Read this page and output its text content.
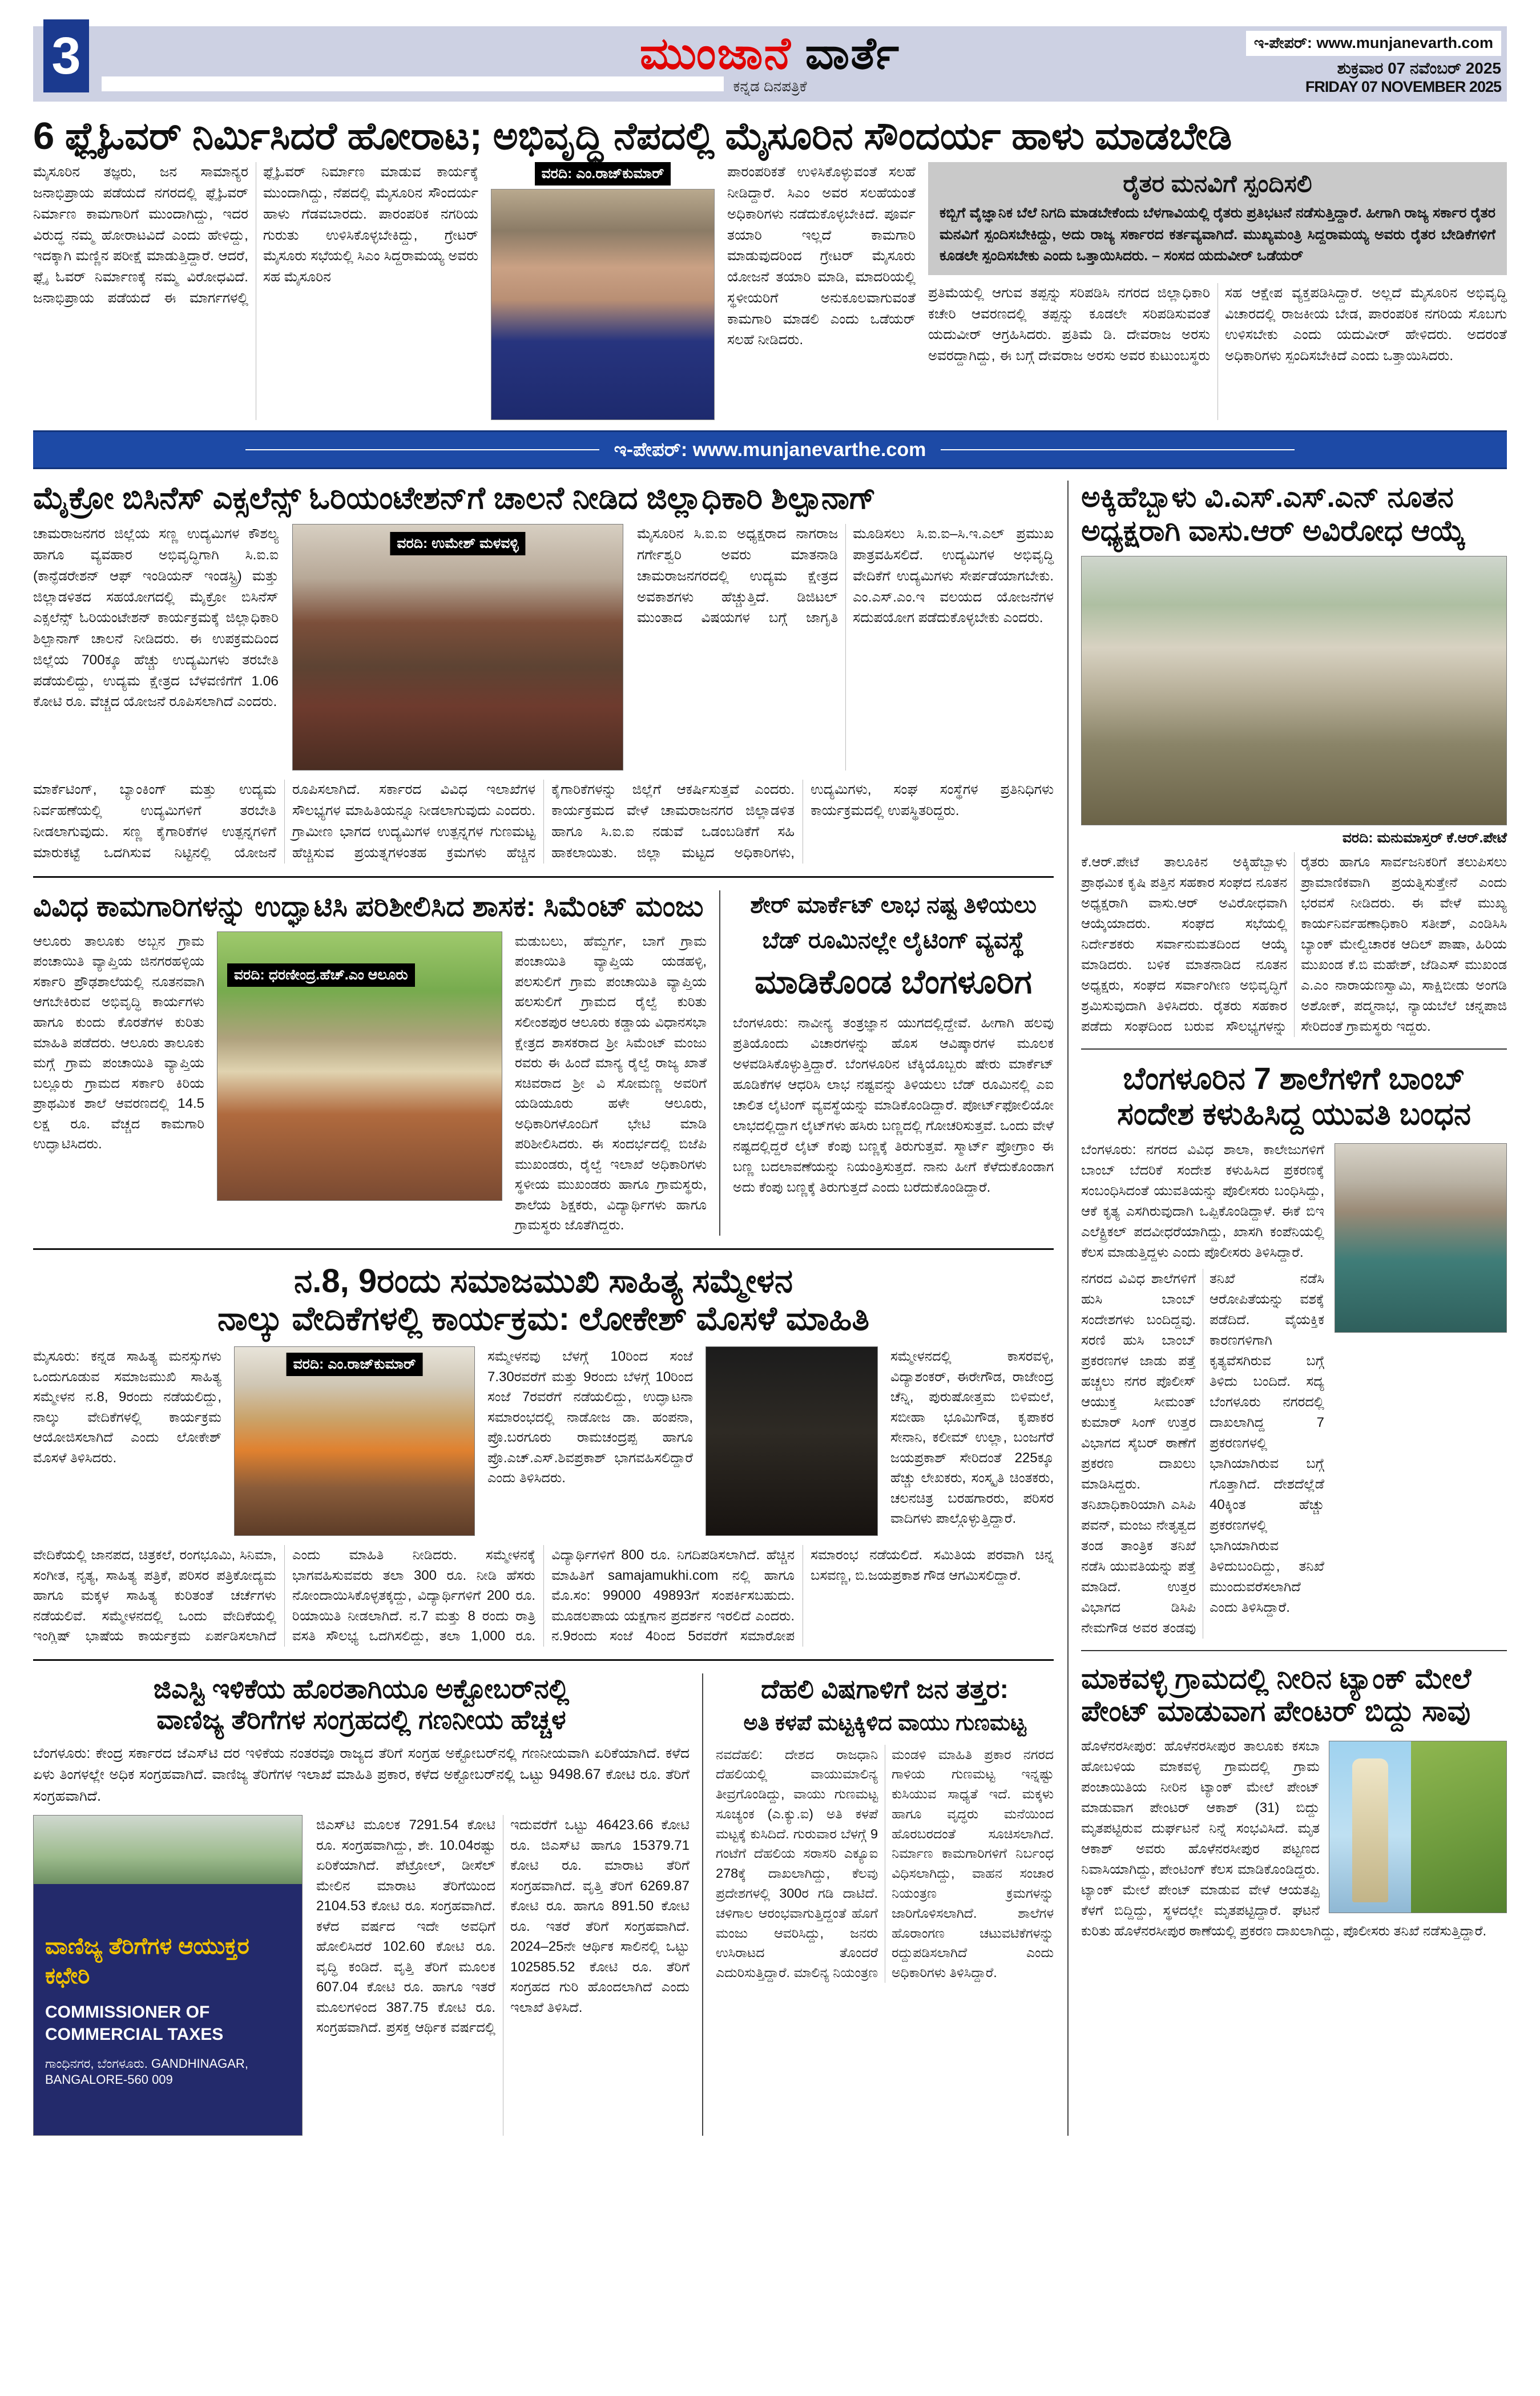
3	ಮುಂಜಾನೆ ವಾರ್ತೆ
ಕನ್ನಡ ದಿನಪತ್ರಿಕೆ
ಇ-ಪೇಪರ್: www.munjanevarth.com
ಶುಕ್ರವಾರ 07 ನವೆಂಬರ್ 2025
FRIDAY 07 NOVEMBER 2025
6 ಫ್ಲೈಓವರ್ ನಿರ್ಮಿಸಿದರೆ ಹೋರಾಟ; ಅಭಿವೃದ್ಧಿ ನೆಪದಲ್ಲಿ ಮೈಸೂರಿನ ಸೌಂದರ್ಯ ಹಾಳು ಮಾಡಬೇಡಿ
ಮೈಸೂರಿನ ತಜ್ಞರು, ಜನ ಸಾಮಾನ್ಯರ ಜನಾಭಿಪ್ರಾಯ ಪಡೆಯದೆ ನಗರದಲ್ಲಿ ಫ್ಲೈಓವರ್ ನಿರ್ಮಾಣ ಕಾಮಗಾರಿಗೆ ಮುಂದಾಗಿದ್ದು, ಇದರ ವಿರುದ್ಧ ನಮ್ಮ ಹೋರಾಟವಿದೆ ಎಂದು ಹೇಳಿದ್ದು, ಇದಕ್ಕಾಗಿ ಮಣ್ಣಿನ ಪರೀಕ್ಷೆ ಮಾಡುತ್ತಿದ್ದಾರೆ. ಆದರೆ, ಫ್ಲೈ ಓವರ್ ನಿರ್ಮಾಣಕ್ಕೆ ನಮ್ಮ ವಿರೋಧವಿದೆ. ಜನಾಭಿಪ್ರಾಯ ಪಡೆಯದೆ ಈ ಮಾರ್ಗಗಳಲ್ಲಿ ಫ್ಲೈಓವರ್ ನಿರ್ಮಾಣ ಮಾಡುವ ಕಾರ್ಯಕ್ಕೆ ಮುಂದಾಗಿದ್ದು, ನೆಪದಲ್ಲಿ ಮೈಸೂರಿನ ಸೌಂದರ್ಯ ಹಾಳು ಗೆಡವಬಾರದು. ಪಾರಂಪರಿಕ ನಗರಿಯ ಗುರುತು ಉಳಿಸಿಕೊಳ್ಳಬೇಕಿದ್ದು, ಗ್ರೇಟರ್ ಮೈಸೂರು ಸಭೆಯಲ್ಲಿ ಸಿಎಂ ಸಿದ್ದರಾಮಯ್ಯ ಅವರು ಸಹ ಮೈಸೂರಿನ
ವರದಿ: ಎಂ.ರಾಜ್‌ಕುಮಾರ್	ಪಾರಂಪರಿಕತೆ ಉಳಿಸಿಕೊಳ್ಳುವಂತೆ ಸಲಹೆ ನೀಡಿದ್ದಾರೆ. ಸಿಎಂ ಅವರ ಸಲಹೆಯಂತೆ ಅಧಿಕಾರಿಗಳು ನಡೆದುಕೊಳ್ಳಬೇಕಿದೆ. ಪೂರ್ವ ತಯಾರಿ ಇಲ್ಲದೆ ಕಾಮಗಾರಿ ಮಾಡುವುದರಿಂದ ಗ್ರೇಟರ್ ಮೈಸೂರು ಯೋಜನೆ ತಯಾರಿ ಮಾಡಿ, ಮಾದರಿಯಲ್ಲಿ ಸ್ಥಳೀಯರಿಗೆ ಅನುಕೂಲವಾಗುವಂತೆ ಕಾಮಗಾರಿ ಮಾಡಲಿ ಎಂದು ಒಡೆಯರ್ ಸಲಹೆ ನೀಡಿದರು.
ರೈತರ ಮನವಿಗೆ ಸ್ಪಂದಿಸಲಿ
ಕಬ್ಬಿಗೆ ವೈಜ್ಞಾನಿಕ ಬೆಲೆ ನಿಗದಿ ಮಾಡಬೇಕೆಂದು ಬೆಳಗಾವಿಯಲ್ಲಿ ರೈತರು ಪ್ರತಿಭಟನೆ ನಡೆಸುತ್ತಿದ್ದಾರೆ. ಹೀಗಾಗಿ ರಾಜ್ಯ ಸರ್ಕಾರ ರೈತರ ಮನವಿಗೆ ಸ್ಪಂದಿಸಬೇಕಿದ್ದು, ಅದು ರಾಜ್ಯ ಸರ್ಕಾರದ ಕರ್ತವ್ಯವಾಗಿದೆ. ಮುಖ್ಯಮಂತ್ರಿ ಸಿದ್ದರಾಮಯ್ಯ ಅವರು ರೈತರ ಬೇಡಿಕೆಗಳಿಗೆ ಕೂಡಲೇ ಸ್ಪಂದಿಸಬೇಕು ಎಂದು ಒತ್ತಾಯಿಸಿದರು. – ಸಂಸದ ಯದುವೀರ್ ಒಡೆಯರ್
ಪ್ರತಿಮೆಯಲ್ಲಿ ಆಗುವ ತಪ್ಪನ್ನು ಸರಿಪಡಿಸಿ ನಗರದ ಜಿಲ್ಲಾಧಿಕಾರಿ ಕಚೇರಿ ಆವರಣದಲ್ಲಿ ತಪ್ಪನ್ನು ಕೂಡಲೇ ಸರಿಪಡಿಸುವಂತೆ ಯದುವೀರ್ ಆಗ್ರಹಿಸಿದರು. ಪ್ರತಿಮೆ ಡಿ. ದೇವರಾಜ ಅರಸು ಅವರದ್ದಾಗಿದ್ದು, ಈ ಬಗ್ಗೆ ದೇವರಾಜ ಅರಸು ಅವರ ಕುಟುಂಬಸ್ಥರು ಸಹ ಆಕ್ಷೇಪ ವ್ಯಕ್ತಪಡಿಸಿದ್ದಾರೆ. ಅಲ್ಲದೆ ಮೈಸೂರಿನ ಅಭಿವೃದ್ಧಿ ವಿಚಾರದಲ್ಲಿ ರಾಜಕೀಯ ಬೇಡ, ಪಾರಂಪರಿಕ ನಗರಿಯ ಸೊಬಗು ಉಳಿಸಬೇಕು ಎಂದು ಯದುವೀರ್ ಹೇಳಿದರು. ಅದರಂತೆ ಅಧಿಕಾರಿಗಳು ಸ್ಪಂದಿಸಬೇಕಿದೆ ಎಂದು ಒತ್ತಾಯಿಸಿದರು.
ಇ-ಪೇಪರ್: www.munjanevarthe.com
ಮೈಕ್ರೋ ಬಿಸಿನೆಸ್ ಎಕ್ಸಲೆನ್ಸ್ ಓರಿಯಂಟೇಶನ್‌ಗೆ ಚಾಲನೆ ನೀಡಿದ ಜಿಲ್ಲಾಧಿಕಾರಿ ಶಿಲ್ಪಾನಾಗ್
ಚಾಮರಾಜನಗರ ಜಿಲ್ಲೆಯ ಸಣ್ಣ ಉದ್ಯಮಿಗಳ ಕೌಶಲ್ಯ ಹಾಗೂ ವ್ಯವಹಾರ ಅಭಿವೃದ್ಧಿಗಾಗಿ ಸಿ.ಐ.ಐ (ಕಾನ್ಫೆಡರೇಶನ್ ಆಫ್ ಇಂಡಿಯನ್ ಇಂಡಸ್ಟ್ರಿ) ಮತ್ತು ಜಿಲ್ಲಾಡಳಿತದ ಸಹಯೋಗದಲ್ಲಿ ಮೈಕ್ರೋ ಬಿಸಿನೆಸ್ ಎಕ್ಸಲೆನ್ಸ್ ಓರಿಯಂಟೇಶನ್ ಕಾರ್ಯಕ್ರಮಕ್ಕೆ ಜಿಲ್ಲಾಧಿಕಾರಿ ಶಿಲ್ಪಾನಾಗ್ ಚಾಲನೆ ನೀಡಿದರು. ಈ ಉಪಕ್ರಮದಿಂದ ಜಿಲ್ಲೆಯ 700ಕ್ಕೂ ಹೆಚ್ಚು ಉದ್ಯಮಿಗಳು ತರಬೇತಿ ಪಡೆಯಲಿದ್ದು, ಉದ್ಯಮ ಕ್ಷೇತ್ರದ ಬೆಳವಣಿಗೆಗೆ 1.06 ಕೋಟಿ ರೂ. ವೆಚ್ಚದ ಯೋಜನೆ ರೂಪಿಸಲಾಗಿದೆ ಎಂದರು.
ವರದಿ: ಉಮೇಶ್ ಮಳವಳ್ಳಿ
ಮೈಸೂರಿನ ಸಿ.ಐ.ಐ ಅಧ್ಯಕ್ಷರಾದ ನಾಗರಾಜ ಗರ್ಗೇಶ್ವರಿ ಅವರು ಮಾತನಾಡಿ ಚಾಮರಾಜನಗರದಲ್ಲಿ ಉದ್ಯಮ ಕ್ಷೇತ್ರದ ಅವಕಾಶಗಳು ಹೆಚ್ಚುತ್ತಿದೆ. ಡಿಜಿಟಲ್ ಮುಂತಾದ ವಿಷಯಗಳ ಬಗ್ಗೆ ಜಾಗೃತಿ ಮೂಡಿಸಲು ಸಿ.ಐ.ಐ–ಸಿ.ಇ.ಎಲ್ ಪ್ರಮುಖ ಪಾತ್ರವಹಿಸಲಿದೆ. ಉದ್ಯಮಿಗಳ ಅಭಿವೃದ್ಧಿ ವೇದಿಕೆಗೆ ಉದ್ಯಮಿಗಳು ಸೇರ್ಪಡೆಯಾಗಬೇಕು. ಎಂ.ಎಸ್.ಎಂ.ಇ ವಲಯದ ಯೋಜನೆಗಳ ಸದುಪಯೋಗ ಪಡೆದುಕೊಳ್ಳಬೇಕು ಎಂದರು.
ಮಾರ್ಕೆಟಿಂಗ್, ಬ್ಯಾಂಕಿಂಗ್ ಮತ್ತು ಉದ್ಯಮ ನಿರ್ವಹಣೆಯಲ್ಲಿ ಉದ್ಯಮಿಗಳಿಗೆ ತರಬೇತಿ ನೀಡಲಾಗುವುದು. ಸಣ್ಣ ಕೈಗಾರಿಕೆಗಳ ಉತ್ಪನ್ನಗಳಿಗೆ ಮಾರುಕಟ್ಟೆ ಒದಗಿಸುವ ನಿಟ್ಟಿನಲ್ಲಿ ಯೋಜನೆ ರೂಪಿಸಲಾಗಿದೆ. ಸರ್ಕಾರದ ವಿವಿಧ ಇಲಾಖೆಗಳ ಸೌಲಭ್ಯಗಳ ಮಾಹಿತಿಯನ್ನೂ ನೀಡಲಾಗುವುದು ಎಂದರು. ಗ್ರಾಮೀಣ ಭಾಗದ ಉದ್ಯಮಿಗಳ ಉತ್ಪನ್ನಗಳ ಗುಣಮಟ್ಟ ಹೆಚ್ಚಿಸುವ ಪ್ರಯತ್ನಗಳಂತಹ ಕ್ರಮಗಳು ಹೆಚ್ಚಿನ ಕೈಗಾರಿಕೆಗಳನ್ನು ಜಿಲ್ಲೆಗೆ ಆಕರ್ಷಿಸುತ್ತವೆ ಎಂದರು. ಕಾರ್ಯಕ್ರಮದ ವೇಳೆ ಚಾಮರಾಜನಗರ ಜಿಲ್ಲಾಡಳಿತ ಹಾಗೂ ಸಿ.ಐ.ಐ ನಡುವೆ ಒಡಂಬಡಿಕೆಗೆ ಸಹಿ ಹಾಕಲಾಯಿತು. ಜಿಲ್ಲಾ ಮಟ್ಟದ ಅಧಿಕಾರಿಗಳು, ಉದ್ಯಮಿಗಳು, ಸಂಘ ಸಂಸ್ಥೆಗಳ ಪ್ರತಿನಿಧಿಗಳು ಕಾರ್ಯಕ್ರಮದಲ್ಲಿ ಉಪಸ್ಥಿತರಿದ್ದರು.
ವಿವಿಧ ಕಾಮಗಾರಿಗಳನ್ನು ಉದ್ಘಾಟಿಸಿ ಪರಿಶೀಲಿಸಿದ ಶಾಸಕ: ಸಿಮೆಂಟ್ ಮಂಜು
ಆಲೂರು ತಾಲೂಕು ಅಬ್ಬನ ಗ್ರಾಮ ಪಂಚಾಯಿತಿ ವ್ಯಾಪ್ತಿಯ ಜಿನಗರಹಳ್ಳಿಯ ಸರ್ಕಾರಿ ಪ್ರೌಢಶಾಲೆಯಲ್ಲಿ ನೂತನವಾಗಿ ಆಗಬೇಕಿರುವ ಅಭಿವೃದ್ಧಿ ಕಾರ್ಯಗಳು ಹಾಗೂ ಕುಂದು ಕೊರತೆಗಳ ಕುರಿತು ಮಾಹಿತಿ ಪಡೆದರು. ಆಲೂರು ತಾಲೂಕು ಮಗ್ಗೆ ಗ್ರಾಮ ಪಂಚಾಯಿತಿ ವ್ಯಾಪ್ತಿಯ ಬಲ್ಲೂರು ಗ್ರಾಮದ ಸರ್ಕಾರಿ ಕಿರಿಯ ಪ್ರಾಥಮಿಕ ಶಾಲೆ ಆವರಣದಲ್ಲಿ 14.5 ಲಕ್ಷ ರೂ. ವೆಚ್ಚದ ಕಾಮಗಾರಿ ಉದ್ಘಾಟಿಸಿದರು.
ವರದಿ: ಧರಣೀಂದ್ರ.ಹೆಚ್.ಎಂ ಆಲೂರು
ಮಡುಬಲು, ಹೆಮ್ದರ್ಗ, ಬಾಗೆ ಗ್ರಾಮ ಪಂಚಾಯಿತಿ ವ್ಯಾಪ್ತಿಯ ಯಡಹಳ್ಳಿ, ಪಲಸುಲಿಗೆ ಗ್ರಾಮ ಪಂಚಾಯಿತಿ ವ್ಯಾಪ್ತಿಯ ಹಲಸುಲಿಗೆ ಗ್ರಾಮದ ರೈಲ್ವೆ ಕುರಿತು ಸಲೀಂಶಪುರ ಆಲೂರು ಕಡ್ಡಾಯ ವಿಧಾನಸಭಾ ಕ್ಷೇತ್ರದ ಶಾಸಕರಾದ ಶ್ರೀ ಸಿಮೆಂಟ್ ಮಂಜು ರವರು ಈ ಹಿಂದೆ ಮಾನ್ಯ ರೈಲ್ವೆ ರಾಜ್ಯ ಖಾತೆ ಸಚಿವರಾದ ಶ್ರೀ ವಿ ಸೋಮಣ್ಣ ಅವರಿಗೆ ಯಡಿಯೂರು ಹಳೇ ಆಲೂರು, ಅಧಿಕಾರಿಗಳೊಂದಿಗೆ ಭೇಟಿ ಮಾಡಿ ಪರಿಶೀಲಿಸಿದರು. ಈ ಸಂದರ್ಭದಲ್ಲಿ ಬಿಜೆಪಿ ಮುಖಂಡರು, ರೈಲ್ವೆ ಇಲಾಖೆ ಅಧಿಕಾರಿಗಳು ಸ್ಥಳೀಯ ಮುಖಂಡರು ಹಾಗೂ ಗ್ರಾಮಸ್ಥರು, ಶಾಲೆಯ ಶಿಕ್ಷಕರು, ವಿದ್ಯಾರ್ಥಿಗಳು ಹಾಗೂ ಗ್ರಾಮಸ್ಥರು ಜೊತೆಗಿದ್ದರು.
ಶೇರ್ ಮಾರ್ಕೆಟ್ ಲಾಭ ನಷ್ಟ ತಿಳಿಯಲು
ಬೆಡ್ ರೂಮಿನಲ್ಲೇ ಲೈಟಿಂಗ್ ವ್ಯವಸ್ಥೆ
ಮಾಡಿಕೊಂಡ ಬೆಂಗಳೂರಿಗ
ಬೆಂಗಳೂರು: ನಾವೀನ್ಯ ತಂತ್ರಜ್ಞಾನ ಯುಗದಲ್ಲಿದ್ದೇವೆ. ಹೀಗಾಗಿ ಹಲವು ಪ್ರತಿಯೊಂದು ವಿಚಾರಗಳನ್ನು ಹೊಸ ಆವಿಷ್ಕಾರಗಳ ಮೂಲಕ ಅಳವಡಿಸಿಕೊಳ್ಳುತ್ತಿದ್ದಾರೆ. ಬೆಂಗಳೂರಿನ ಟೆಕ್ಕಿಯೊಬ್ಬರು ಷೇರು ಮಾರ್ಕೆಟ್ ಹೂಡಿಕೆಗಳ ಆಧರಿಸಿ ಲಾಭ ನಷ್ಟವನ್ನು ತಿಳಿಯಲು ಬೆಡ್ ರೂಮಿನಲ್ಲಿ ಎಐ ಚಾಲಿತ ಲೈಟಿಂಗ್ ವ್ಯವಸ್ಥೆಯನ್ನು ಮಾಡಿಕೊಂಡಿದ್ದಾರೆ. ಪೋರ್ಟ್‌ಫೋಲಿಯೋ ಲಾಭದಲ್ಲಿದ್ದಾಗ ಲೈಟ್‌ಗಳು ಹಸಿರು ಬಣ್ಣದಲ್ಲಿ ಗೋಚರಿಸುತ್ತವೆ. ಒಂದು ವೇಳೆ ನಷ್ಟದಲ್ಲಿದ್ದರೆ ಲೈಟ್ ಕೆಂಪು ಬಣ್ಣಕ್ಕೆ ತಿರುಗುತ್ತವೆ. ಸ್ಮಾರ್ಟ್ ಪ್ರೋಗ್ರಾಂ ಈ ಬಣ್ಣ ಬದಲಾವಣೆಯನ್ನು ನಿಯಂತ್ರಿಸುತ್ತದೆ. ನಾನು ಹೀಗೆ ಕೆಳೆದುಕೊಂಡಾಗ ಅದು ಕೆಂಪು ಬಣ್ಣಕ್ಕೆ ತಿರುಗುತ್ತದೆ ಎಂದು ಬರೆದುಕೊಂಡಿದ್ದಾರೆ.
ನ.8, 9ರಂದು ಸಮಾಜಮುಖಿ ಸಾಹಿತ್ಯ ಸಮ್ಮೇಳನ
ನಾಲ್ಕು ವೇದಿಕೆಗಳಲ್ಲಿ ಕಾರ್ಯಕ್ರಮ: ಲೋಕೇಶ್ ಮೊಸಳೆ ಮಾಹಿತಿ
ಮೈಸೂರು: ಕನ್ನಡ ಸಾಹಿತ್ಯ ಮನಸ್ಸುಗಳು ಒಂದುಗೂಡುವ ಸಮಾಜಮುಖಿ ಸಾಹಿತ್ಯ ಸಮ್ಮೇಳನ ನ.8, 9ರಂದು ನಡೆಯಲಿದ್ದು, ನಾಲ್ಕು ವೇದಿಕೆಗಳಲ್ಲಿ ಕಾರ್ಯಕ್ರಮ ಆಯೋಜಿಸಲಾಗಿದೆ ಎಂದು ಲೋಕೇಶ್ ಮೊಸಳೆ ತಿಳಿಸಿದರು.
ವರದಿ: ಎಂ.ರಾಜ್‌ಕುಮಾರ್	ಸಮ್ಮೇಳನವು ಬೆಳಗ್ಗೆ 10ರಿಂದ ಸಂಜೆ 7.30ರವರೆಗೆ ಮತ್ತು 9ರಂದು ಬೆಳಗ್ಗೆ 10ರಿಂದ ಸಂಜೆ 7ರವರೆಗೆ ನಡೆಯಲಿದ್ದು, ಉದ್ಘಾಟನಾ ಸಮಾರಂಭದಲ್ಲಿ ನಾಡೋಜ ಡಾ. ಹಂಪನಾ, ಪ್ರೊ.ಬರಗೂರು ರಾಮಚಂದ್ರಪ್ಪ ಹಾಗೂ ಪ್ರೊ.ಎಚ್.ಎಸ್.ಶಿವಪ್ರಕಾಶ್ ಭಾಗವಹಿಸಲಿದ್ದಾರೆ ಎಂದು ತಿಳಿಸಿದರು.
ಸಮ್ಮೇಳನದಲ್ಲಿ ಕಾಸರವಳ್ಳಿ, ವಿದ್ಯಾಶಂಕರ್, ಈರೇಗೌಡ, ರಾಜೇಂದ್ರ ಚೆನ್ನಿ, ಪುರುಷೋತ್ತಮ ಬಿಳಿಮಲೆ, ಸಬೀಹಾ ಭೂಮಿಗೌಡ, ಕೃಪಾಕರ ಸೇನಾನಿ, ಕಲೀಮ್ ಉಲ್ಲಾ, ಬಂಜಗೆರೆ ಜಯಪ್ರಕಾಶ್ ಸೇರಿದಂತೆ 225ಕ್ಕೂ ಹೆಚ್ಚು ಲೇಖಕರು, ಸಂಸ್ಕೃತಿ ಚಿಂತಕರು, ಚಲನಚಿತ್ರ ಬರಹಗಾರರು, ಪರಿಸರ ವಾದಿಗಳು ಪಾಲ್ಗೊಳ್ಳುತ್ತಿದ್ದಾರೆ.
ವೇದಿಕೆಯಲ್ಲಿ ಜಾನಪದ, ಚಿತ್ರಕಲೆ, ರಂಗಭೂಮಿ, ಸಿನಿಮಾ, ಸಂಗೀತ, ನೃತ್ಯ, ಸಾಹಿತ್ಯ ಪತ್ರಿಕೆ, ಪರಿಸರ ಪತ್ರಿಕೋದ್ಯಮ ಹಾಗೂ ಮಕ್ಕಳ ಸಾಹಿತ್ಯ ಕುರಿತಂತೆ ಚರ್ಚೆಗಳು ನಡೆಯಲಿವೆ. ಸಮ್ಮೇಳನದಲ್ಲಿ ಒಂದು ವೇದಿಕೆಯಲ್ಲಿ ಇಂಗ್ಲಿಷ್ ಭಾಷೆಯ ಕಾರ್ಯಕ್ರಮ ಏರ್ಪಡಿಸಲಾಗಿದೆ ಎಂದು ಮಾಹಿತಿ ನೀಡಿದರು. ಸಮ್ಮೇಳನಕ್ಕೆ ಭಾಗವಹಿಸುವವರು ತಲಾ 300 ರೂ. ನೀಡಿ ಹೆಸರು ನೋಂದಾಯಿಸಿಕೊಳ್ಳತಕ್ಕದ್ದು, ವಿದ್ಯಾರ್ಥಿಗಳಿಗೆ 200 ರೂ. ರಿಯಾಯಿತಿ ನೀಡಲಾಗಿದೆ. ನ.7 ಮತ್ತು 8 ರಂದು ರಾತ್ರಿ ವಸತಿ ಸೌಲಭ್ಯ ಒದಗಿಸಲಿದ್ದು, ತಲಾ 1,000 ರೂ. ವಿದ್ಯಾರ್ಥಿಗಳಿಗೆ 800 ರೂ. ನಿಗದಿಪಡಿಸಲಾಗಿದೆ. ಹೆಚ್ಚಿನ ಮಾಹಿತಿಗೆ samajamukhi.com ನಲ್ಲಿ ಹಾಗೂ ಮೊ.ಸಂ: 99000 49893ಗೆ ಸಂಪರ್ಕಿಸಬಹುದು. ಮೂಡಲಪಾಯ ಯಕ್ಷಗಾನ ಪ್ರದರ್ಶನ ಇರಲಿದೆ ಎಂದರು. ನ.9ರಂದು ಸಂಜೆ 4ರಿಂದ 5ರವರೆಗೆ ಸಮಾರೋಪ ಸಮಾರಂಭ ನಡೆಯಲಿದೆ. ಸಮಿತಿಯ ಪರವಾಗಿ ಚಿನ್ನ ಬಸವಣ್ಣ, ಬಿ.ಜಯಪ್ರಕಾಶ ಗೌಡ ಆಗಮಿಸಲಿದ್ದಾರೆ.
ಜಿಎಸ್ಟಿ ಇಳಿಕೆಯ ಹೊರತಾಗಿಯೂ ಅಕ್ಟೋಬರ್‌ನಲ್ಲಿ
ವಾಣಿಜ್ಯ ತೆರಿಗೆಗಳ ಸಂಗ್ರಹದಲ್ಲಿ ಗಣನೀಯ ಹೆಚ್ಚಳ
ಬೆಂಗಳೂರು: ಕೇಂದ್ರ ಸರ್ಕಾರದ ಜೆಎಸ್‌ಟಿ ದರ ಇಳಿಕೆಯ ನಂತರವೂ ರಾಜ್ಯದ ತೆರಿಗೆ ಸಂಗ್ರಹ ಅಕ್ಟೋಬರ್‌ನಲ್ಲಿ ಗಣನೀಯವಾಗಿ ಏರಿಕೆಯಾಗಿದೆ. ಕಳೆದ ಏಳು ತಿಂಗಳಲ್ಲೇ ಅಧಿಕ ಸಂಗ್ರಹವಾಗಿದೆ. ವಾಣಿಜ್ಯ ತೆರಿಗೆಗಳ ಇಲಾಖೆ ಮಾಹಿತಿ ಪ್ರಕಾರ, ಕಳೆದ ಅಕ್ಟೋಬರ್‌ನಲ್ಲಿ ಒಟ್ಟು 9498.67 ಕೋಟಿ ರೂ. ತೆರಿಗೆ ಸಂಗ್ರಹವಾಗಿದೆ.
ವಾಣಿಜ್ಯ ತೆರಿಗೆಗಳ ಆಯುಕ್ತರ ಕಛೇರಿ
COMMISSIONER OF COMMERCIAL TAXES
ಗಾಂಧಿನಗರ, ಬೆಂಗಳೂರು. GANDHINAGAR, BANGALORE-560 009
ಜಿಎಸ್‌ಟಿ ಮೂಲಕ 7291.54 ಕೋಟಿ ರೂ. ಸಂಗ್ರಹವಾಗಿದ್ದು, ಶೇ. 10.04ರಷ್ಟು ಏರಿಕೆಯಾಗಿದೆ. ಪೆಟ್ರೋಲ್, ಡೀಸೆಲ್ ಮೇಲಿನ ಮಾರಾಟ ತೆರಿಗೆಯಿಂದ 2104.53 ಕೋಟಿ ರೂ. ಸಂಗ್ರಹವಾಗಿದೆ. ಕಳೆದ ವರ್ಷದ ಇದೇ ಅವಧಿಗೆ ಹೋಲಿಸಿದರೆ 102.60 ಕೋಟಿ ರೂ. ವೃದ್ಧಿ ಕಂಡಿದೆ. ವೃತ್ತಿ ತೆರಿಗೆ ಮೂಲಕ 607.04 ಕೋಟಿ ರೂ. ಹಾಗೂ ಇತರೆ ಮೂಲಗಳಿಂದ 387.75 ಕೋಟಿ ರೂ. ಸಂಗ್ರಹವಾಗಿದೆ. ಪ್ರಸಕ್ತ ಆರ್ಥಿಕ ವರ್ಷದಲ್ಲಿ ಇದುವರೆಗೆ ಒಟ್ಟು 46423.66 ಕೋಟಿ ರೂ. ಜಿಎಸ್‌ಟಿ ಹಾಗೂ 15379.71 ಕೋಟಿ ರೂ. ಮಾರಾಟ ತೆರಿಗೆ ಸಂಗ್ರಹವಾಗಿದೆ. ವೃತ್ತಿ ತೆರಿಗೆ 6269.87 ಕೋಟಿ ರೂ. ಹಾಗೂ 891.50 ಕೋಟಿ ರೂ. ಇತರೆ ತೆರಿಗೆ ಸಂಗ್ರಹವಾಗಿದೆ. 2024–25ನೇ ಆರ್ಥಿಕ ಸಾಲಿನಲ್ಲಿ ಒಟ್ಟು 102585.52 ಕೋಟಿ ರೂ. ತೆರಿಗೆ ಸಂಗ್ರಹದ ಗುರಿ ಹೊಂದಲಾಗಿದೆ ಎಂದು ಇಲಾಖೆ ತಿಳಿಸಿದೆ.
ದೆಹಲಿ ವಿಷಗಾಳಿಗೆ ಜನ ತತ್ತರ:
ಅತಿ ಕಳಪೆ ಮಟ್ಟಕ್ಕಿಳಿದ ವಾಯು ಗುಣಮಟ್ಟ
ನವದೆಹಲಿ: ದೇಶದ ರಾಜಧಾನಿ ದೆಹಲಿಯಲ್ಲಿ ವಾಯುಮಾಲಿನ್ಯ ತೀವ್ರಗೊಂಡಿದ್ದು, ವಾಯು ಗುಣಮಟ್ಟ ಸೂಚ್ಯಂಕ (ಎ.ಕ್ಯು.ಐ) ಅತಿ ಕಳಪೆ ಮಟ್ಟಕ್ಕೆ ಕುಸಿದಿದೆ. ಗುರುವಾರ ಬೆಳಗ್ಗೆ 9 ಗಂಟೆಗೆ ದೆಹಲಿಯ ಸರಾಸರಿ ಎಕ್ಯೂಐ 278ಕ್ಕೆ ದಾಖಲಾಗಿದ್ದು, ಕೆಲವು ಪ್ರದೇಶಗಳಲ್ಲಿ 300ರ ಗಡಿ ದಾಟಿದೆ. ಚಳಿಗಾಲ ಆರಂಭವಾಗುತ್ತಿದ್ದಂತೆ ಹೊಗೆ ಮಂಜು ಆವರಿಸಿದ್ದು, ಜನರು ಉಸಿರಾಟದ ತೊಂದರೆ ಎದುರಿಸುತ್ತಿದ್ದಾರೆ. ಮಾಲಿನ್ಯ ನಿಯಂತ್ರಣ ಮಂಡಳಿ ಮಾಹಿತಿ ಪ್ರಕಾರ ನಗರದ ಗಾಳಿಯ ಗುಣಮಟ್ಟ ಇನ್ನಷ್ಟು ಕುಸಿಯುವ ಸಾಧ್ಯತೆ ಇದೆ. ಮಕ್ಕಳು ಹಾಗೂ ವೃದ್ಧರು ಮನೆಯಿಂದ ಹೊರಬರದಂತೆ ಸೂಚಿಸಲಾಗಿದೆ. ನಿರ್ಮಾಣ ಕಾಮಗಾರಿಗಳಿಗೆ ನಿರ್ಬಂಧ ವಿಧಿಸಲಾಗಿದ್ದು, ವಾಹನ ಸಂಚಾರ ನಿಯಂತ್ರಣ ಕ್ರಮಗಳನ್ನು ಜಾರಿಗೊಳಿಸಲಾಗಿದೆ. ಶಾಲೆಗಳ ಹೊರಾಂಗಣ ಚಟುವಟಿಕೆಗಳನ್ನು ರದ್ದುಪಡಿಸಲಾಗಿದೆ ಎಂದು ಅಧಿಕಾರಿಗಳು ತಿಳಿಸಿದ್ದಾರೆ.
ಅಕ್ಕಿಹೆಬ್ಬಾಳು ವಿ.ಎಸ್.ಎಸ್.ಎನ್ ನೂತನ ಅಧ್ಯಕ್ಷರಾಗಿ ವಾಸು.ಆರ್ ಅವಿರೋಧ ಆಯ್ಕೆ
ವರದಿ: ಮನುಮಾಸ್ತರ್ ಕೆ.ಆರ್.ಪೇಟೆ
ಕೆ.ಆರ್.ಪೇಟೆ ತಾಲೂಕಿನ ಅಕ್ಕಿಹೆಬ್ಬಾಳು ಪ್ರಾಥಮಿಕ ಕೃಷಿ ಪತ್ತಿನ ಸಹಕಾರ ಸಂಘದ ನೂತನ ಅಧ್ಯಕ್ಷರಾಗಿ ವಾಸು.ಆರ್ ಅವಿರೋಧವಾಗಿ ಆಯ್ಕೆಯಾದರು. ಸಂಘದ ಸಭೆಯಲ್ಲಿ ನಿರ್ದೇಶಕರು ಸರ್ವಾನುಮತದಿಂದ ಆಯ್ಕೆ ಮಾಡಿದರು. ಬಳಿಕ ಮಾತನಾಡಿದ ನೂತನ ಅಧ್ಯಕ್ಷರು, ಸಂಘದ ಸರ್ವಾಂಗೀಣ ಅಭಿವೃದ್ಧಿಗೆ ಶ್ರಮಿಸುವುದಾಗಿ ತಿಳಿಸಿದರು. ರೈತರು ಸಹಕಾರ ಪಡೆದು ಸಂಘದಿಂದ ಬರುವ ಸೌಲಭ್ಯಗಳನ್ನು ರೈತರು ಹಾಗೂ ಸಾರ್ವಜನಿಕರಿಗೆ ತಲುಪಿಸಲು ಪ್ರಾಮಾಣಿಕವಾಗಿ ಪ್ರಯತ್ನಿಸುತ್ತೇನೆ ಎಂದು ಭರವಸೆ ನೀಡಿದರು. ಈ ವೇಳೆ ಮುಖ್ಯ ಕಾರ್ಯನಿರ್ವಹಣಾಧಿಕಾರಿ ಸತೀಶ್, ಎಂಡಿಸಿಸಿ ಬ್ಯಾಂಕ್ ಮೇಲ್ವಿಚಾರಕ ಆದಿಲ್ ಪಾಷಾ, ಹಿರಿಯ ಮುಖಂಡ ಕೆ.ಬಿ ಮಹೇಶ್, ಜೆಡಿಎಸ್ ಮುಖಂಡ ಎ.ಎಂ ನಾರಾಯಣಸ್ವಾಮಿ, ಸಾಕ್ಷಿಬೀಡು ಅಂಗಡಿ ಅಶೋಕ್, ಪದ್ಮನಾಭ, ನ್ಯಾಯಬೆಲೆ ಚನ್ನಪಾಜಿ ಸೇರಿದಂತೆ ಗ್ರಾಮಸ್ಥರು ಇದ್ದರು.
ಬೆಂಗಳೂರಿನ 7 ಶಾಲೆಗಳಿಗೆ ಬಾಂಬ್
ಸಂದೇಶ ಕಳುಹಿಸಿದ್ದ ಯುವತಿ ಬಂಧನ
ಬೆಂಗಳೂರು: ನಗರದ ವಿವಿಧ ಶಾಲಾ, ಕಾಲೇಜುಗಳಿಗೆ ಬಾಂಬ್ ಬೆದರಿಕೆ ಸಂದೇಶ ಕಳುಹಿಸಿದ ಪ್ರಕರಣಕ್ಕೆ ಸಂಬಂಧಿಸಿದಂತೆ ಯುವತಿಯನ್ನು ಪೊಲೀಸರು ಬಂಧಿಸಿದ್ದು, ಆಕೆ ಕೃತ್ಯ ಎಸಗಿರುವುದಾಗಿ ಒಪ್ಪಿಕೊಂಡಿದ್ದಾಳೆ. ಈಕೆ ಬಿಇ ಎಲೆಕ್ಟ್ರಿಕಲ್ ಪದವೀಧರೆಯಾಗಿದ್ದು, ಖಾಸಗಿ ಕಂಪೆನಿಯಲ್ಲಿ ಕೆಲಸ ಮಾಡುತ್ತಿದ್ದಳು ಎಂದು ಪೊಲೀಸರು ತಿಳಿಸಿದ್ದಾರೆ.
ನಗರದ ವಿವಿಧ ಶಾಲೆಗಳಿಗೆ ಹುಸಿ ಬಾಂಬ್ ಸಂದೇಶಗಳು ಬಂದಿದ್ದವು. ಸರಣಿ ಹುಸಿ ಬಾಂಬ್ ಪ್ರಕರಣಗಳ ಜಾಡು ಪತ್ತೆ ಹಚ್ಚಲು ನಗರ ಪೊಲೀಸ್ ಆಯುಕ್ತ ಸೀಮಂತ್ ಕುಮಾರ್ ಸಿಂಗ್ ಉತ್ತರ ವಿಭಾಗದ ಸೈಬರ್ ಠಾಣೆಗೆ ಪ್ರಕರಣ ದಾಖಲು ಮಾಡಿಸಿದ್ದರು. ತನಿಖಾಧಿಕಾರಿಯಾಗಿ ಎಸಿಪಿ ಪವನ್, ಮಂಜು ನೇತೃತ್ವದ ತಂಡ ತಾಂತ್ರಿಕ ತನಿಖೆ ನಡೆಸಿ ಯುವತಿಯನ್ನು ಪತ್ತೆ ಮಾಡಿದೆ. ಉತ್ತರ ವಿಭಾಗದ ಡಿಸಿಪಿ ನೇಮಗೌಡ ಅವರ ತಂಡವು ತನಿಖೆ ನಡೆಸಿ ಆರೋಪಿತೆಯನ್ನು ವಶಕ್ಕೆ ಪಡೆದಿದೆ. ವೈಯಕ್ತಿಕ ಕಾರಣಗಳಿಗಾಗಿ ಕೃತ್ಯವೆಸಗಿರುವ ಬಗ್ಗೆ ತಿಳಿದು ಬಂದಿದೆ. ಸದ್ಯ ಬೆಂಗಳೂರು ನಗರದಲ್ಲಿ ದಾಖಲಾಗಿದ್ದ 7 ಪ್ರಕರಣಗಳಲ್ಲಿ ಭಾಗಿಯಾಗಿರುವ ಬಗ್ಗೆ ಗೊತ್ತಾಗಿದೆ. ದೇಶದೆಲ್ಲೆಡೆ 40ಕ್ಕಿಂತ ಹೆಚ್ಚು ಪ್ರಕರಣಗಳಲ್ಲಿ ಭಾಗಿಯಾಗಿರುವ ತಿಳಿದುಬಂದಿದ್ದು, ತನಿಖೆ ಮುಂದುವರೆಸಲಾಗಿದೆ ಎಂದು ತಿಳಿಸಿದ್ದಾರೆ.
ಮಾಕವಳ್ಳಿ ಗ್ರಾಮದಲ್ಲಿ ನೀರಿನ ಟ್ಯಾಂಕ್ ಮೇಲೆ
ಪೇಂಟ್ ಮಾಡುವಾಗ ಪೇಂಟರ್ ಬಿದ್ದು ಸಾವು
ಹೊಳೆನರಸೀಪುರ: ಹೊಳೆನರಸೀಪುರ ತಾಲೂಕು ಕಸಬಾ ಹೋಬಳಿಯ ಮಾಕವಳ್ಳಿ ಗ್ರಾಮದಲ್ಲಿ ಗ್ರಾಮ ಪಂಚಾಯಿತಿಯ ನೀರಿನ ಟ್ಯಾಂಕ್ ಮೇಲೆ ಪೇಂಟ್ ಮಾಡುವಾಗ ಪೇಂಟರ್ ಆಕಾಶ್ (31) ಬಿದ್ದು ಮೃತಪಟ್ಟಿರುವ ದುರ್ಘಟನೆ ನಿನ್ನೆ ಸಂಭವಿಸಿದೆ. ಮೃತ ಆಕಾಶ್ ಅವರು ಹೊಳೆನರಸೀಪುರ ಪಟ್ಟಣದ ನಿವಾಸಿಯಾಗಿದ್ದು, ಪೇಂಟಿಂಗ್ ಕೆಲಸ ಮಾಡಿಕೊಂಡಿದ್ದರು. ಟ್ಯಾಂಕ್ ಮೇಲೆ ಪೇಂಟ್ ಮಾಡುವ ವೇಳೆ ಆಯತಪ್ಪಿ ಕೆಳಗೆ ಬಿದ್ದಿದ್ದು, ಸ್ಥಳದಲ್ಲೇ ಮೃತಪಟ್ಟಿದ್ದಾರೆ. ಘಟನೆ ಕುರಿತು ಹೊಳೆನರಸೀಪುರ ಠಾಣೆಯಲ್ಲಿ ಪ್ರಕರಣ ದಾಖಲಾಗಿದ್ದು, ಪೊಲೀಸರು ತನಿಖೆ ನಡೆಸುತ್ತಿದ್ದಾರೆ.
